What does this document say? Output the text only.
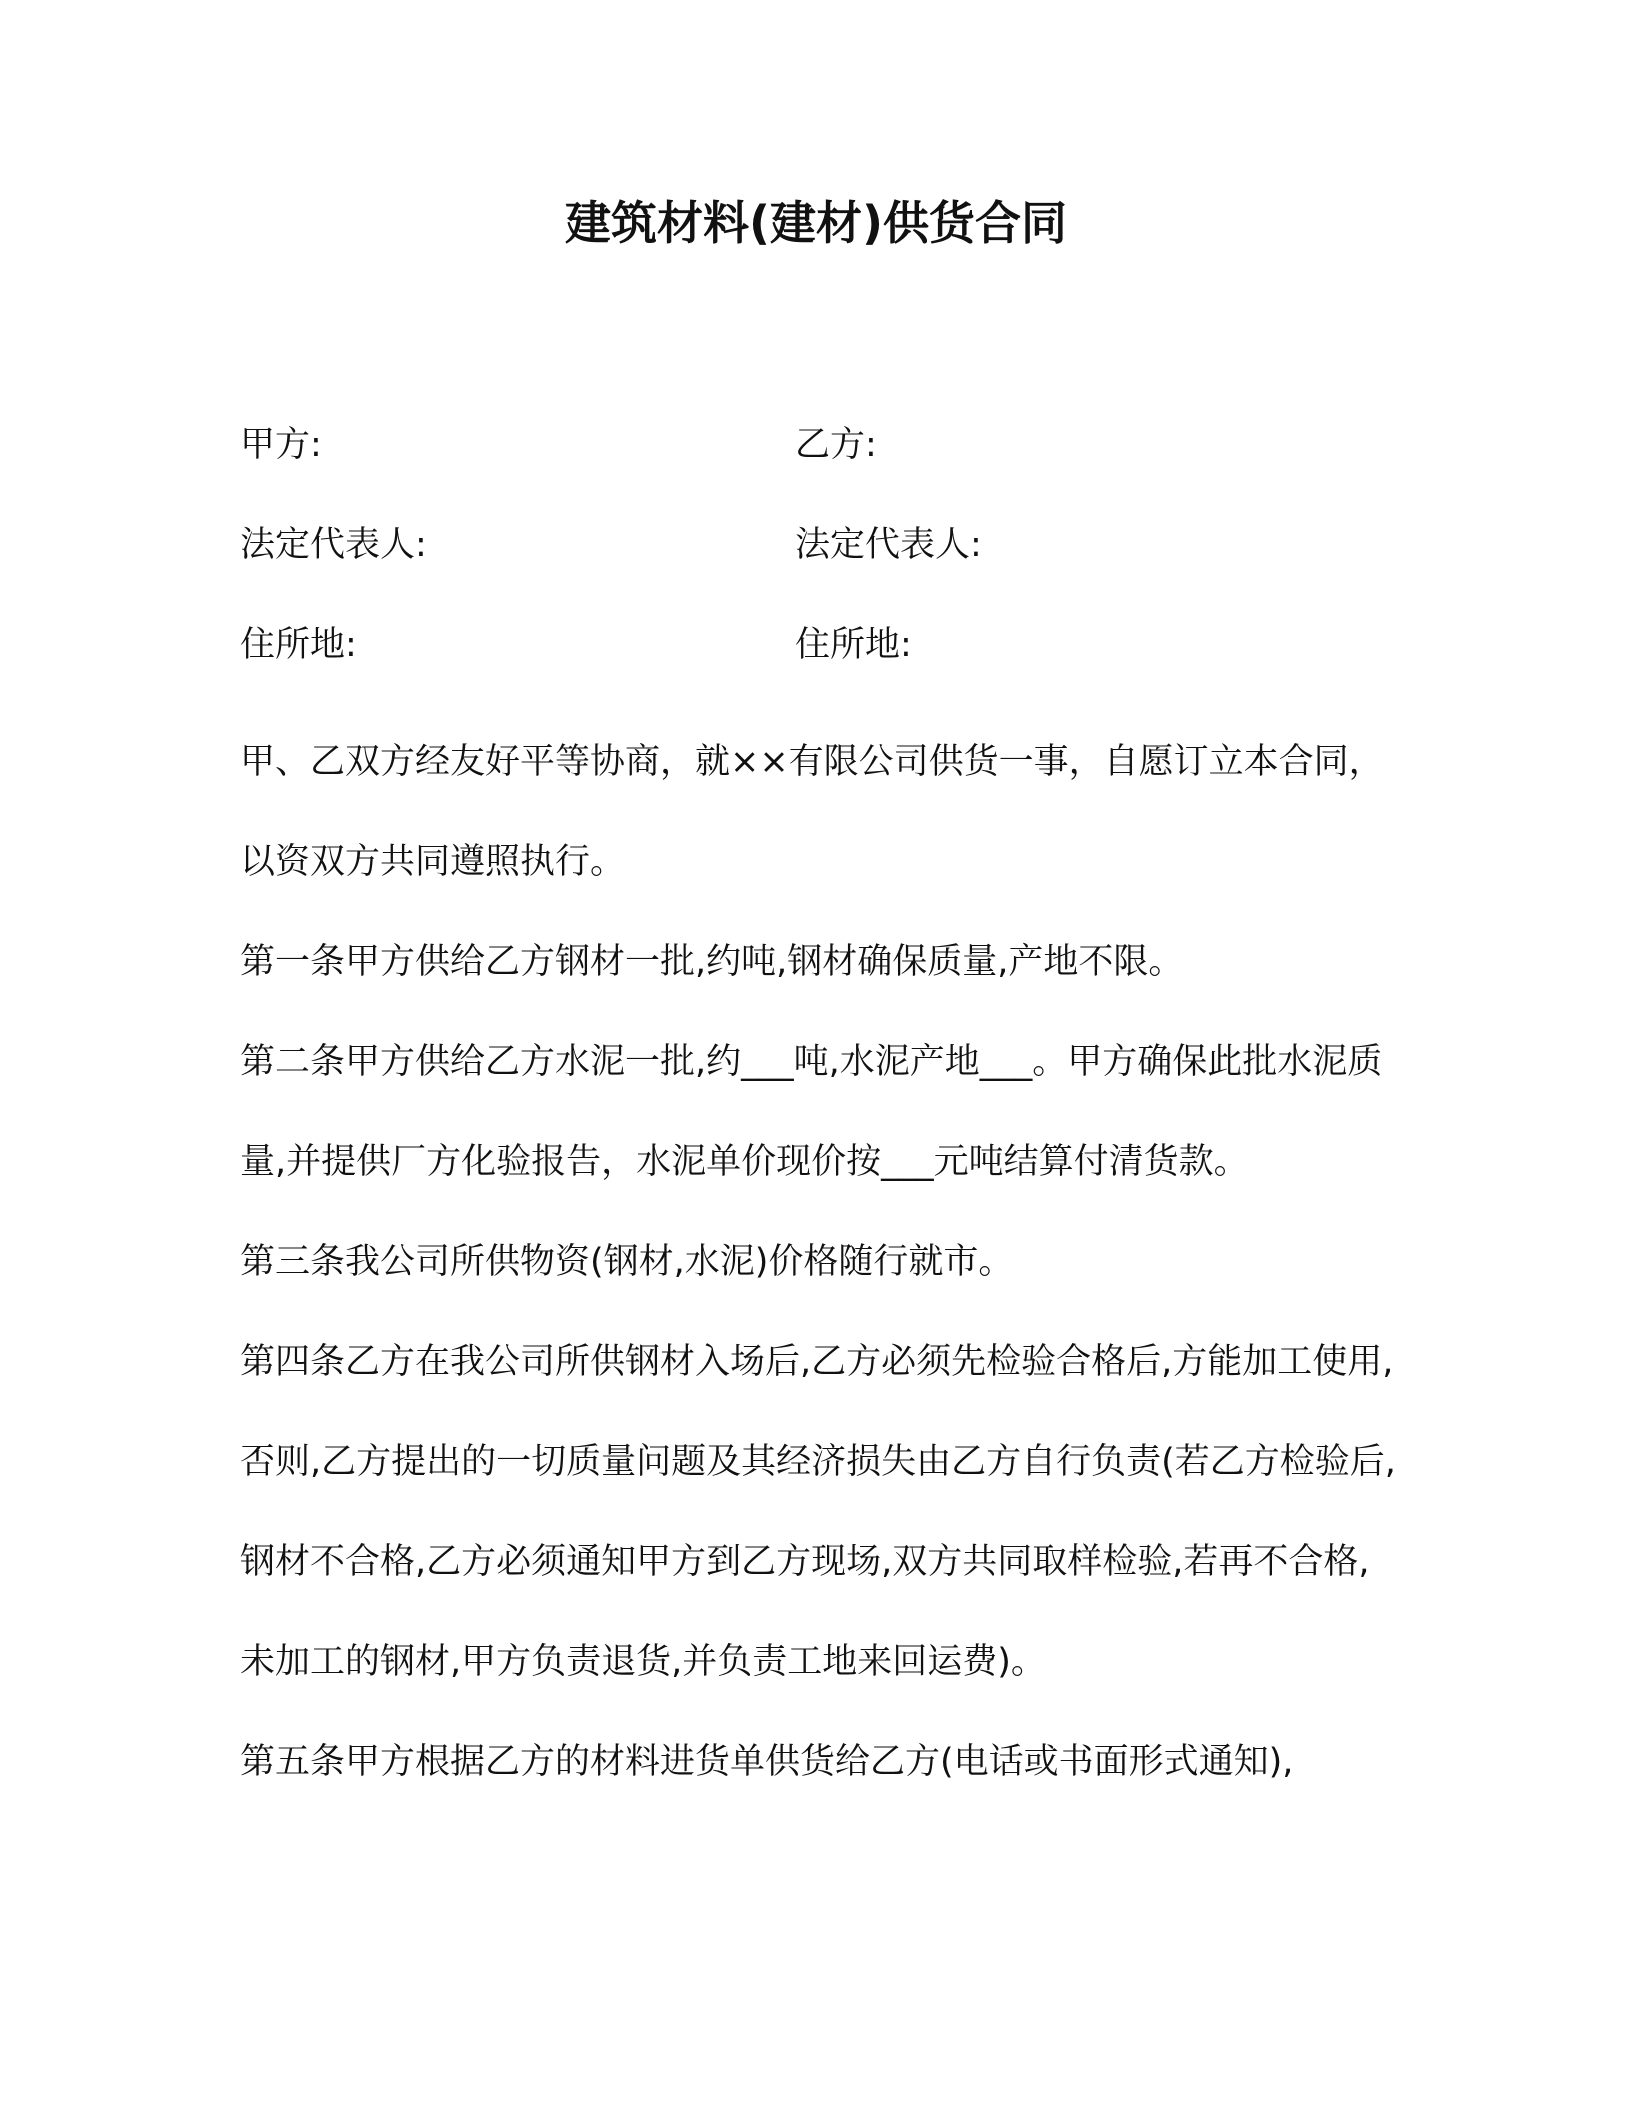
建筑材料(建材)供货合同
甲方:	乙方:
法定代表人:	法定代表人:
住所地:	住所地:

甲、乙双方经友好平等协商，就××有限公司供货一事，自愿订立本合同，以资双方共同遵照执行。

第一条甲方供给乙方钢材一批,约吨,钢材确保质量,产地不限。

第二条甲方供给乙方水泥一批,约___吨,水泥产地___。甲方确保此批水泥质量,并提供厂方化验报告，水泥单价现价按___元吨结算付清货款。

第三条我公司所供物资(钢材,水泥)价格随行就市。

第四条乙方在我公司所供钢材入场后,乙方必须先检验合格后,方能加工使用,否则,乙方提出的一切质量问题及其经济损失由乙方自行负责(若乙方检验后,钢材不合格,乙方必须通知甲方到乙方现场,双方共同取样检验,若再不合格,未加工的钢材,甲方负责退货,并负责工地来回运费)。

第五条甲方根据乙方的材料进货单供货给乙方(电话或书面形式通知),
